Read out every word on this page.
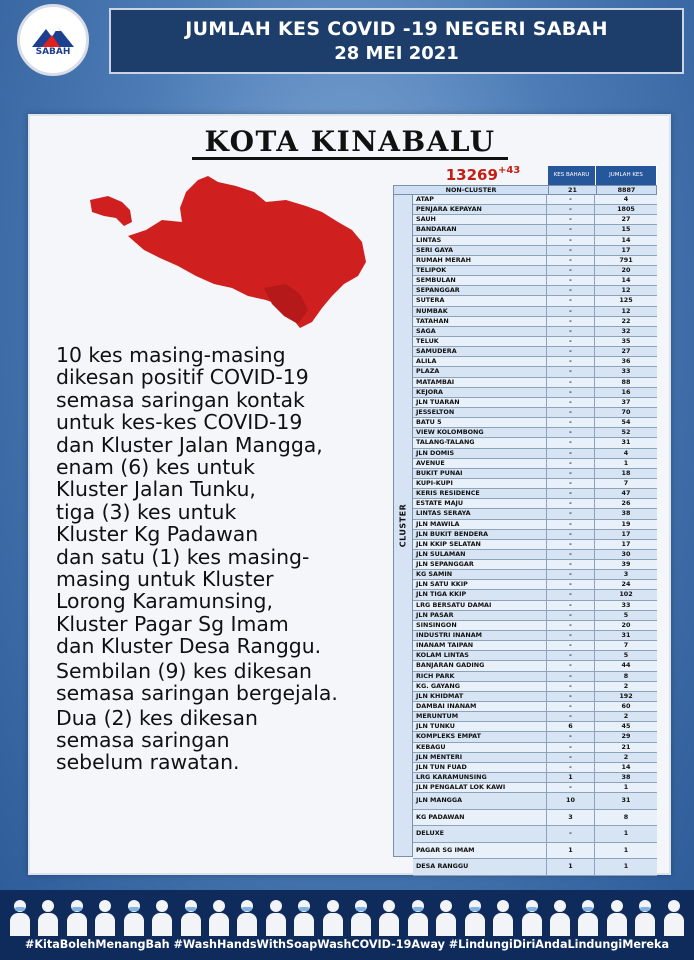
SABAH
JUMLAH KES COVID -19 NEGERI SABAH
28 MEI 2021
KOTA KINABALU

10 kes masing-masing
dikesan positif COVID-19
semasa saringan kontak
untuk kes-kes COVID-19
dan Kluster Jalan Mangga,
enam (6) kes untuk
Kluster Jalan Tunku,
tiga (3) kes untuk
Kluster Kg Padawan
dan satu (1) kes masing-
masing untuk Kluster
Lorong Karamunsing,
Kluster Pagar Sg Imam
dan Kluster Desa Ranggu.

Sembilan (9) kes dikesan
semasa saringan bergejala.

Dua (2) kes dikesan
semasa saringan
sebelum rawatan.

$13269^{+43}$	KES BAHARU	JUMLAH KES
NON-CLUSTER	21	8887
CLUSTER
ATAP	-	4
PENJARA KEPAYAN	-	1805
SAUH	-	27
BANDARAN	-	15
LINTAS	-	14
SERI GAYA	-	17
RUMAH MERAH	-	791
TELIPOK	-	20
SEMBULAN	-	14
SEPANGGAR	-	12
SUTERA	-	125
NUMBAK	-	12
TATAHAN	-	22
SAGA	-	32
TELUK	-	35
SAMUDERA	-	27
ALILA	-	36
PLAZA	-	33
MATAMBAI	-	88
KEJORA	-	16
JLN TUARAN	-	37
JESSELTON	-	70
BATU 5	-	54
VIEW KOLOMBONG	-	52
TALANG-TALANG	-	31
JLN DOMIS	-	4
AVENUE	-	1
BUKIT PUNAI	-	18
KUPI-KUPI	-	7
KERIS RESIDENCE	-	47
ESTATE MAJU	-	26
LINTAS SERAYA	-	38
JLN MAWILA	-	19
JLN BUKIT BENDERA	-	17
JLN KKIP SELATAN	-	17
JLN SULAMAN	-	30
JLN SEPANGGAR	-	39
KG SAMIN	-	3
JLN SATU KKIP	-	24
JLN TIGA KKIP	-	102
LRG BERSATU DAMAI	-	33
JLN PASAR	-	5
SINSINGON	-	20
INDUSTRI INANAM	-	31
INANAM TAIPAN	-	7
KOLAM LINTAS	-	5
BANJARAN GADING	-	44
RICH PARK	-	8
KG. GAYANG	-	2
JLN KHIDMAT	-	192
DAMBAI INANAM	-	60
MERUNTUM	-	2
JLN TUNKU	6	45
KOMPLEKS EMPAT	-	29
KEBAGU	-	21
JLN MENTERI	-	2
JLN TUN FUAD	-	14
LRG KARAMUNSING	1	38
JLN PENGALAT LOK KAWI	-	1
JLN MANGGA	10	31
KG PADAWAN	3	8
DELUXE	-	1
PAGAR SG IMAM	1	1
DESA RANGGU	1	1
#KitaBolehMenangBah #WashHandsWithSoapWashCOVID-19Away #LindungiDiriAndaLindungiMereka
